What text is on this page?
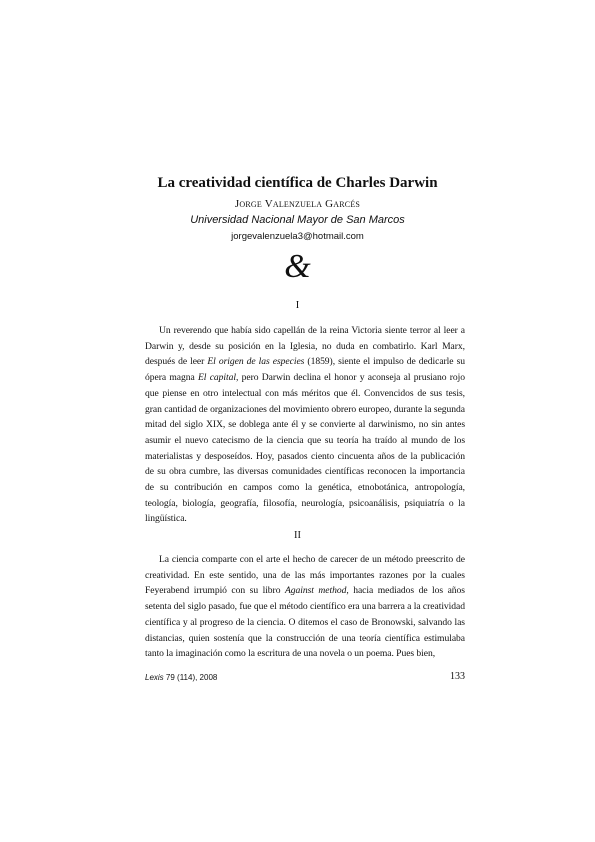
La creatividad científica de Charles Darwin
Jorge Valenzuela Garcés
Universidad Nacional Mayor de San Marcos
jorgevalenzuela3@hotmail.com
&
I
Un reverendo que había sido capellán de la reina Victoria siente terror al leer a Darwin y, desde su posición en la Iglesia, no duda en combatirlo. Karl Marx, después de leer El origen de las especies (1859), siente el impulso de dedicarle su ópera magna El capital, pero Darwin declina el honor y aconseja al prusiano rojo que piense en otro intelectual con más méritos que él. Convencidos de sus tesis, gran cantidad de organizaciones del movimiento obrero europeo, durante la segunda mitad del siglo XIX, se doblega ante él y se convierte al darwinismo, no sin antes asumir el nuevo catecismo de la ciencia que su teoría ha traído al mundo de los materialistas y desposeídos. Hoy, pasados ciento cincuenta años de la publicación de su obra cumbre, las diversas comunidades científicas reconocen la importancia de su contribución en campos como la genética, etnobotánica, antropología, teología, biología, geografía, filosofía, neurología, psicoanálisis, psiquiatría o la lingüística.
II
La ciencia comparte con el arte el hecho de carecer de un método preescrito de creatividad. En este sentido, una de las más importantes razones por la cuales Feyerabend irrumpió con su libro Against method, hacia mediados de los años setenta del siglo pasado, fue que el método científico era una barrera a la creatividad científica y al progreso de la ciencia. O ditemos el caso de Bronowski, salvando las distancias, quien sostenía que la construcción de una teoría científica estimulaba tanto la imaginación como la escritura de una novela o un poema. Pues bien,
Lexis 79 (114), 2008	133
